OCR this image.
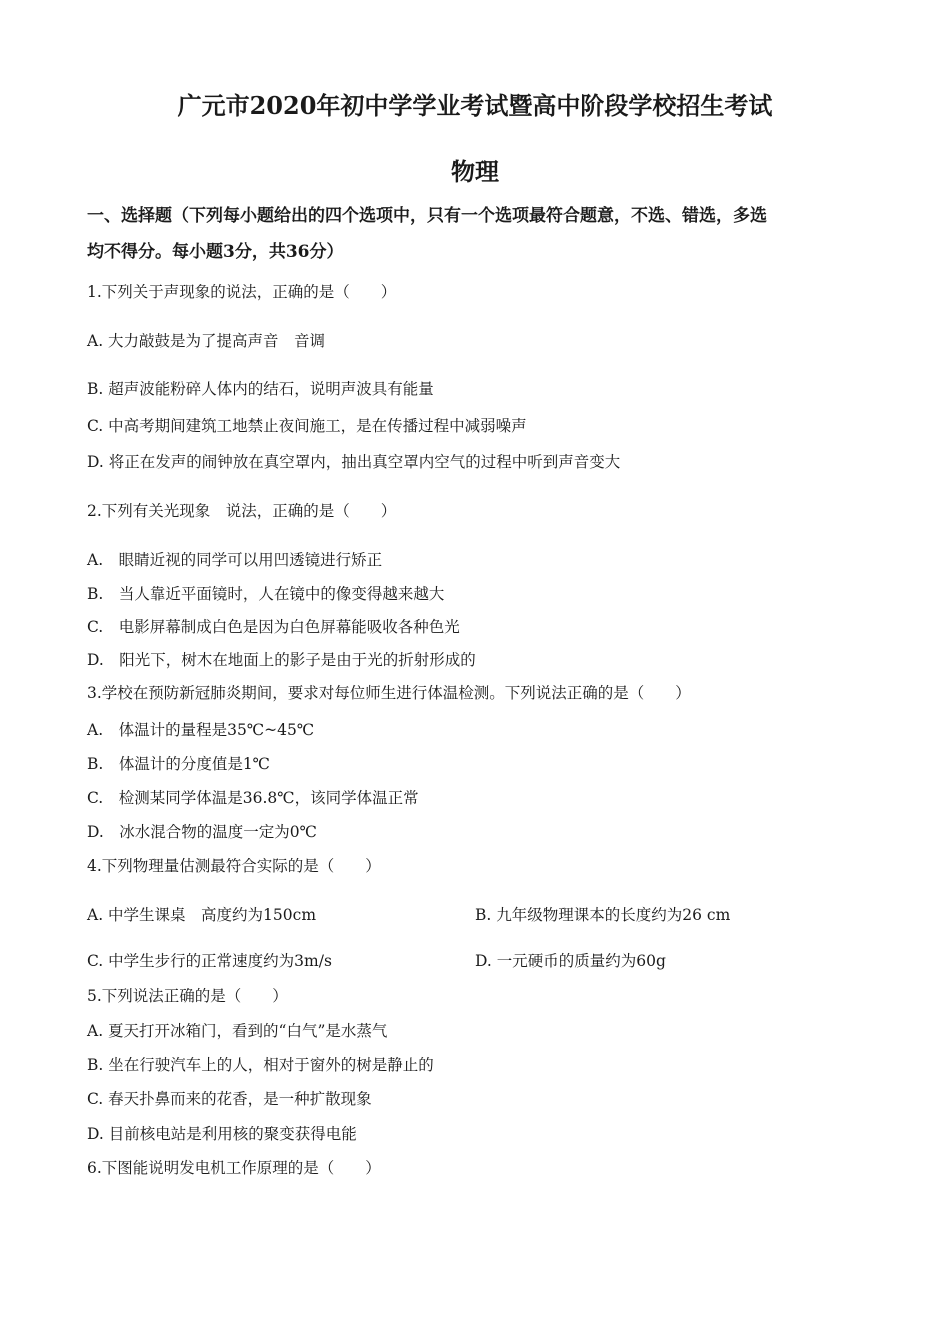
广元市2020年初中学学业考试暨高中阶段学校招生考试
物理
一、选择题（下列每小题给出的四个选项中，只有一个选项最符合题意，不选、错选，多选
均不得分。每小题3分，共36分）
1.下列关于声现象的说法，正确的是（　　）
A. 大力敲鼓是为了提高声音　音调
B. 超声波能粉碎人体内的结石，说明声波具有能量
C. 中高考期间建筑工地禁止夜间施工，是在传播过程中减弱噪声
D. 将正在发声的闹钟放在真空罩内，抽出真空罩内空气的过程中听到声音变大
2.下列有关光现象　说法，正确的是（　　）
A.　眼睛近视的同学可以用凹透镜进行矫正
B.　当人靠近平面镜时，人在镜中的像变得越来越大
C.　电影屏幕制成白色是因为白色屏幕能吸收各种色光
D.　阳光下，树木在地面上的影子是由于光的折射形成的
3.学校在预防新冠肺炎期间，要求对每位师生进行体温检测。下列说法正确的是（　　）
A.　体温计的量程是35℃~45℃
B.　体温计的分度值是1℃
C.　检测某同学体温是36.8℃，该同学体温正常
D.　冰水混合物的温度一定为0℃
4.下列物理量估测最符合实际的是（　　）
A. 中学生课桌　高度约为150cm	B. 九年级物理课本的长度约为26 cm
C. 中学生步行的正常速度约为3m/s	D. 一元硬币的质量约为60g
5.下列说法正确的是（　　）
A. 夏天打开冰箱门，看到的“白气”是水蒸气
B. 坐在行驶汽车上的人，相对于窗外的树是静止的
C. 春天扑鼻而来的花香，是一种扩散现象
D. 目前核电站是利用核的聚变获得电能
6.下图能说明发电机工作原理的是（　　）
